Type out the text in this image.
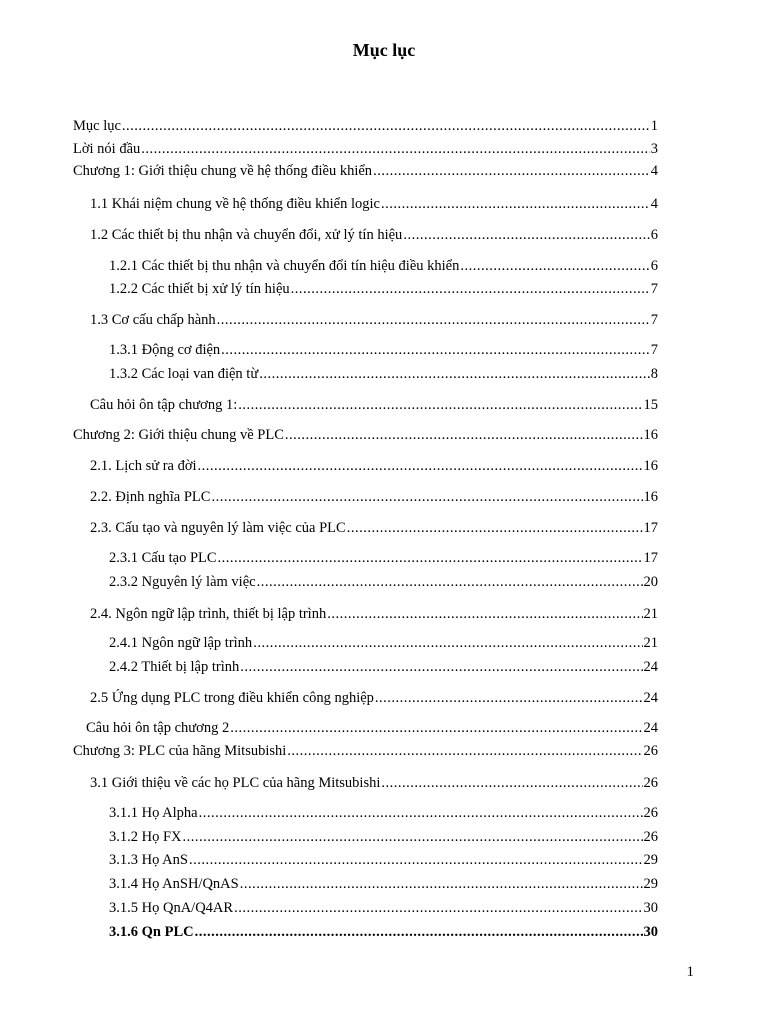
Mục lục
Mục lục .....	1
Lời nói đầu .....	3
Chương 1: Giới thiệu chung về hệ thống điều khiển .....	4
1.1 Khái niệm chung về hệ thống điều khiển logic .....	4
1.2 Các thiết bị thu nhận và chuyển đổi, xử lý tín hiệu .....	6
1.2.1 Các thiết bị thu nhận và chuyển đổi tín hiệu điều khiển .....	6
1.2.2 Các thiết bị xử lý tín hiệu .....	7
1.3 Cơ cấu chấp hành .....	7
1.3.1 Động cơ điện .....	7
1.3.2 Các loại van điện từ .....	8
Câu hỏi ôn tập chương 1: .....	15
Chương 2: Giới thiệu chung về PLC .....	16
2.1. Lịch sử ra đời .....	16
2.2. Định nghĩa PLC .....	16
2.3. Cấu tạo và nguyên lý làm việc của PLC .....	17
2.3.1 Cấu tạo PLC .....	17
2.3.2 Nguyên lý làm việc .....	20
2.4. Ngôn ngữ lập trình, thiết bị lập trình .....	21
2.4.1 Ngôn ngữ lập trình .....	21
2.4.2 Thiết bị lập trình .....	24
2.5 Ứng dụng PLC trong điều khiển công nghiệp .....	24
Câu hỏi ôn tập chương 2 .....	24
Chương 3: PLC của hãng Mitsubishi .....	26
3.1 Giới thiệu về các họ PLC của hãng Mitsubishi .....	26
3.1.1 Họ Alpha .....	26
3.1.2 Họ FX .....	26
3.1.3 Họ AnS .....	29
3.1.4 Họ AnSH/QnAS .....	29
3.1.5 Họ QnA/Q4AR .....	30
3.1.6 Qn PLC .....	30
1
